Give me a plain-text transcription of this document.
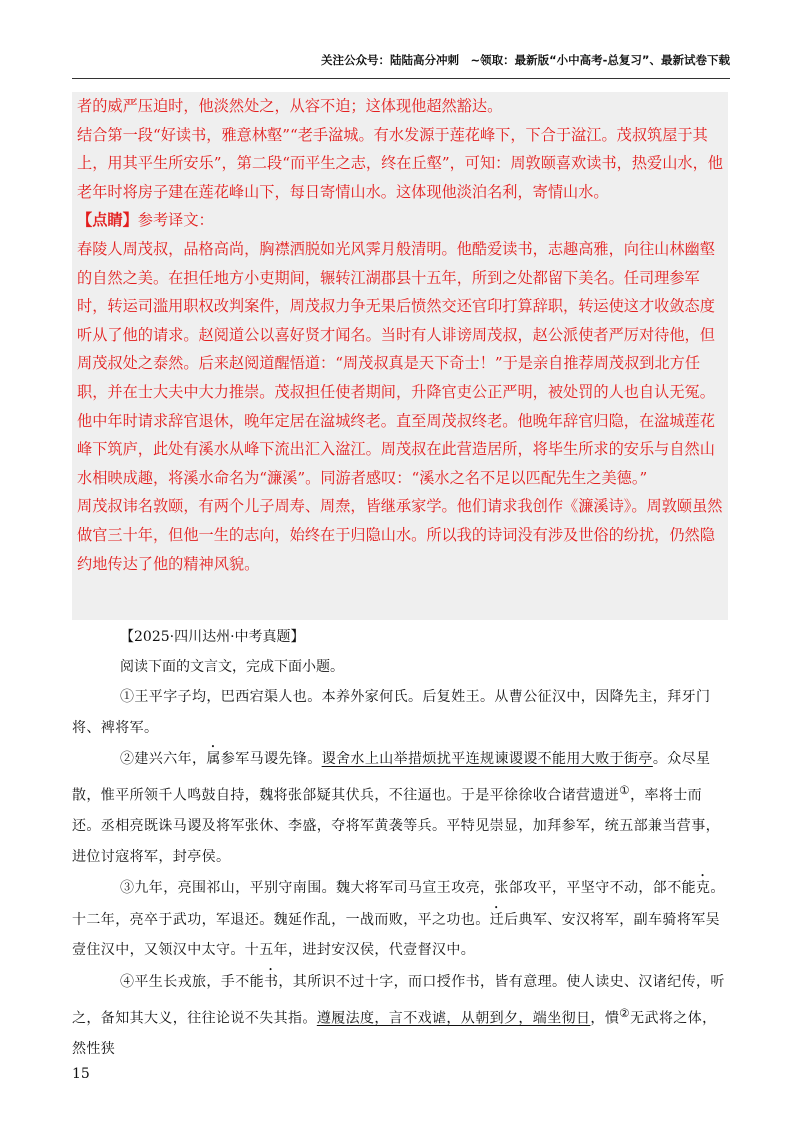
关注公众号：陆陆高分冲刺　~领取：最新版“小中高考-总复习”、最新试卷下载

者的威严压迫时，他淡然处之，从容不迫；这体现他超然豁达。

结合第一段“好读书，雅意林壑”“老手湓城。有水发源于莲花峰下，下合于湓江。茂叔筑屋于其上，用其平生所安乐”，第二段“而平生之志，终在丘壑”，可知：周敦颐喜欢读书，热爱山水，他老年时将房子建在莲花峰山下，每日寄情山水。这体现他淡泊名利，寄情山水。

【点睛】参考译文：

春陵人周茂叔，品格高尚，胸襟洒脱如光风霁月般清明。他酷爱读书，志趣高雅，向往山林幽壑的自然之美。在担任地方小吏期间，辗转江湖郡县十五年，所到之处都留下美名。任司理参军时，转运司滥用职权改判案件，周茂叔力争无果后愤然交还官印打算辞职，转运使这才收敛态度听从了他的请求。赵阅道公以喜好贤才闻名。当时有人诽谤周茂叔，赵公派使者严厉对待他，但周茂叔处之泰然。后来赵阅道醒悟道：“周茂叔真是天下奇士！”于是亲自推荐周茂叔到北方任职，并在士大夫中大力推崇。茂叔担任使者期间，升降官吏公正严明，被处罚的人也自认无冤。他中年时请求辞官退休，晚年定居在湓城终老。直至周茂叔终老。他晚年辞官归隐，在湓城莲花峰下筑庐，此处有溪水从峰下流出汇入湓江。周茂叔在此营造居所，将毕生所求的安乐与自然山水相映成趣，将溪水命名为“濂溪”。同游者感叹：“溪水之名不足以匹配先生之美德。”

周茂叔讳名敦颐，有两个儿子周寿、周焘，皆继承家学。他们请求我创作《濂溪诗》。周敦颐虽然做官三十年，但他一生的志向，始终在于归隐山水。所以我的诗词没有涉及世俗的纷扰，仍然隐约地传达了他的精神风貌。

【2025·四川达州·中考真题】
阅读下面的文言文，完成下面小题。

①王平字子均，巴西宕渠人也。本养外家何氏。后复姓王。从曹公征汉中，因降先主，拜牙门将、裨将军。

②建兴六年，属参军马谡先锋。谡舍水上山举措烦扰平连规谏谡谡不能用大败于街亭。众尽星散，惟平所领千人鸣鼓自持，魏将张郃疑其伏兵，不往逼也。于是平徐徐收合诸营遗迸①，率将士而还。丞相亮既诛马谡及将军张休、李盛，夺将军黄袭等兵。平特见崇显，加拜参军，统五部兼当营事，进位讨寇将军，封亭侯。

③九年，亮围祁山，平别守南围。魏大将军司马宣王攻亮，张郃攻平，平坚守不动，郃不能克。十二年，亮卒于武功，军退还。魏延作乱，一战而败，平之功也。迁后典军、安汉将军，副车骑将军吴壹住汉中，又领汉中太守。十五年，进封安汉侯，代壹督汉中。

④平生长戎旅，手不能书，其所识不过十字，而口授作书，皆有意理。使人读史、汉诸纪传，听之，备知其大义，往往论说不失其指。遵履法度，言不戏谑，从朝到夕，端坐彻日，憒②无武将之体，然性狭

15
